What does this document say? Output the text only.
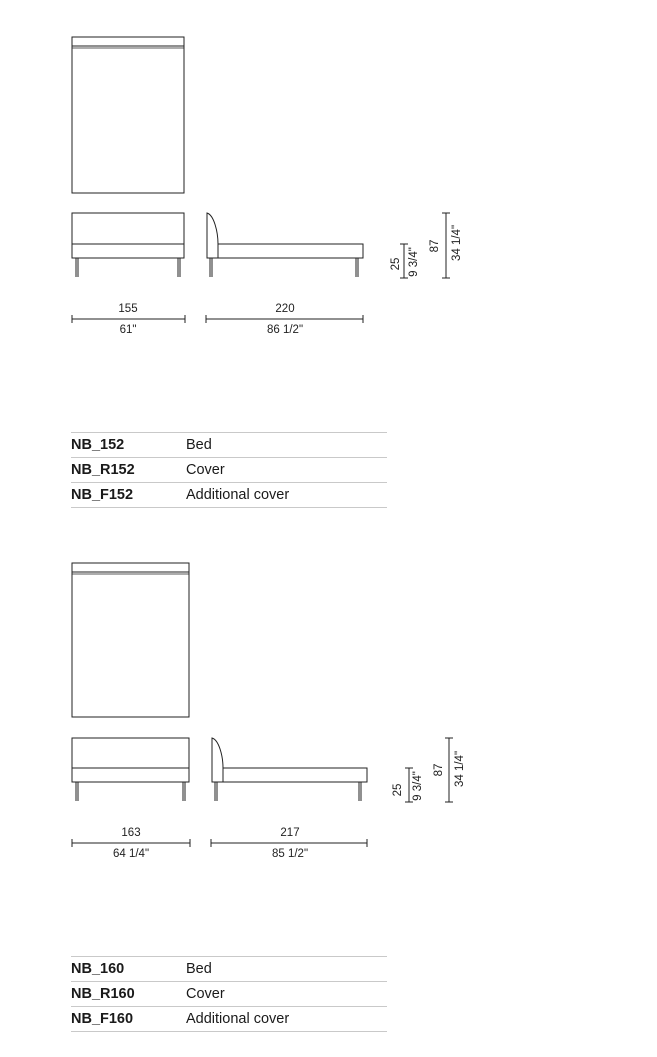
155
61"
220
86 1/2"
25 9 3/4"
87 34 1/4"
163
64 1/4"
217
85 1/2"
25 9 3/4"
87 34 1/4"
NB_152	Bed
NB_R152	Cover
NB_F152	Additional cover
NB_160	Bed
NB_R160	Cover
NB_F160	Additional cover
